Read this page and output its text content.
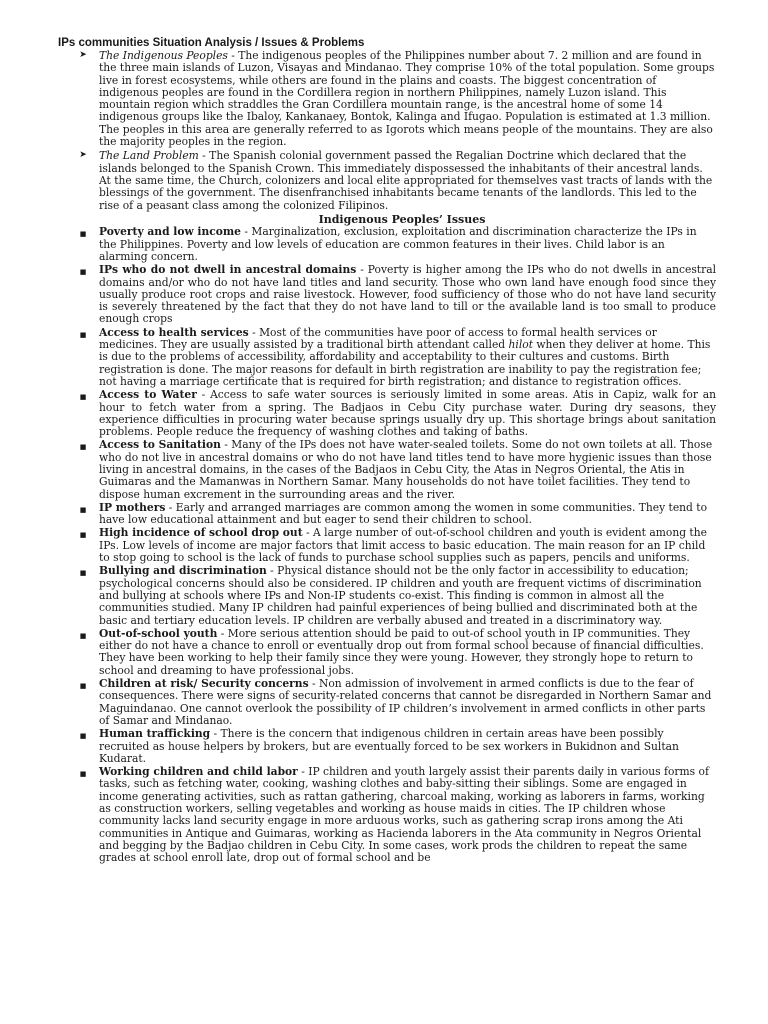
IPs communities Situation Analysis / Issues & Problems
➤ The Indigenous Peoples - The indigenous peoples of the Philippines number about 7. 2 million and are found in the three main islands of Luzon, Visayas and Mindanao. They comprise 10% of the total population. Some groups live in forest ecosystems, while others are found in the plains and coasts. The biggest concentration of indigenous peoples are found in the Cordillera region in northern Philippines, namely Luzon island. This mountain region which straddles the Gran Cordillera mountain range, is the ancestral home of some 14 indigenous groups like the Ibaloy, Kankanaey, Bontok, Kalinga and Ifugao. Population is estimated at 1.3 million. The peoples in this area are generally referred to as Igorots which means people of the mountains. They are also the majority peoples in the region.
➤ The Land Problem - The Spanish colonial government passed the Regalian Doctrine which declared that the islands belonged to the Spanish Crown. This immediately dispossessed the inhabitants of their ancestral lands. At the same time, the Church, colonizers and local elite appropriated for themselves vast tracts of lands with the blessings of the government. The disenfranchised inhabitants became tenants of the landlords. This led to the rise of a peasant class among the colonized Filipinos.
Indigenous Peoples’ Issues
■ Poverty and low income - Marginalization, exclusion, exploitation and discrimination characterize the IPs in the Philippines. Poverty and low levels of education are common features in their lives. Child labor is an alarming concern.
■ IPs who do not dwell in ancestral domains - Poverty is higher among the IPs who do not dwells in ancestral domains and/or who do not have land titles and land security. Those who own land have enough food since they usually produce root crops and raise livestock. However, food sufficiency of those who do not have land security is severely threatened by the fact that they do not have land to till or the available land is too small to produce enough crops
■ Access to health services - Most of the communities have poor of access to formal health services or medicines. They are usually assisted by a traditional birth attendant called hilot when they deliver at home. This is due to the problems of accessibility, affordability and acceptability to their cultures and customs. Birth registration is done. The major reasons for default in birth registration are inability to pay the registration fee; not having a marriage certificate that is required for birth registration; and distance to registration offices.
■ Access to Water - Access to safe water sources is seriously limited in some areas. Atis in Capiz, walk for an hour to fetch water from a spring. The Badjaos in Cebu City purchase water. During dry seasons, they experience difficulties in procuring water because springs usually dry up. This shortage brings about sanitation problems. People reduce the frequency of washing clothes and taking of baths.
■ Access to Sanitation - Many of the IPs does not have water-sealed toilets. Some do not own toilets at all. Those who do not live in ancestral domains or who do not have land titles tend to have more hygienic issues than those living in ancestral domains, in the cases of the Badjaos in Cebu City, the Atas in Negros Oriental, the Atis in Guimaras and the Mamanwas in Northern Samar. Many households do not have toilet facilities. They tend to dispose human excrement in the surrounding areas and the river.
■ IP mothers - Early and arranged marriages are common among the women in some communities. They tend to have low educational attainment and but eager to send their children to school.
■ High incidence of school drop out - A large number of out-of-school children and youth is evident among the IPs. Low levels of income are major factors that limit access to basic education. The main reason for an IP child to stop going to school is the lack of funds to purchase school supplies such as papers, pencils and uniforms.
■ Bullying and discrimination - Physical distance should not be the only factor in accessibility to education; psychological concerns should also be considered. IP children and youth are frequent victims of discrimination and bullying at schools where IPs and Non-IP students co-exist. This finding is common in almost all the communities studied. Many IP children had painful experiences of being bullied and discriminated both at the basic and tertiary education levels. IP children are verbally abused and treated in a discriminatory way.
■ Out-of-school youth - More serious attention should be paid to out-of school youth in IP communities. They either do not have a chance to enroll or eventually drop out from formal school because of financial difficulties. They have been working to help their family since they were young. However, they strongly hope to return to school and dreaming to have professional jobs.
■ Children at risk/ Security concerns - Non admission of involvement in armed conflicts is due to the fear of consequences. There were signs of security-related concerns that cannot be disregarded in Northern Samar and Maguindanao. One cannot overlook the possibility of IP children’s involvement in armed conflicts in other parts of Samar and Mindanao.
■ Human trafficking - There is the concern that indigenous children in certain areas have been possibly recruited as house helpers by brokers, but are eventually forced to be sex workers in Bukidnon and Sultan Kudarat.
■ Working children and child labor - IP children and youth largely assist their parents daily in various forms of tasks, such as fetching water, cooking, washing clothes and baby-sitting their siblings. Some are engaged in income generating activities, such as rattan gathering, charcoal making, working as laborers in farms, working as construction workers, selling vegetables and working as house maids in cities. The IP children whose community lacks land security engage in more arduous works, such as gathering scrap irons among the Ati communities in Antique and Guimaras, working as Hacienda laborers in the Ata community in Negros Oriental and begging by the Badjao children in Cebu City. In some cases, work prods the children to repeat the same grades at school enroll late, drop out of formal school and be
